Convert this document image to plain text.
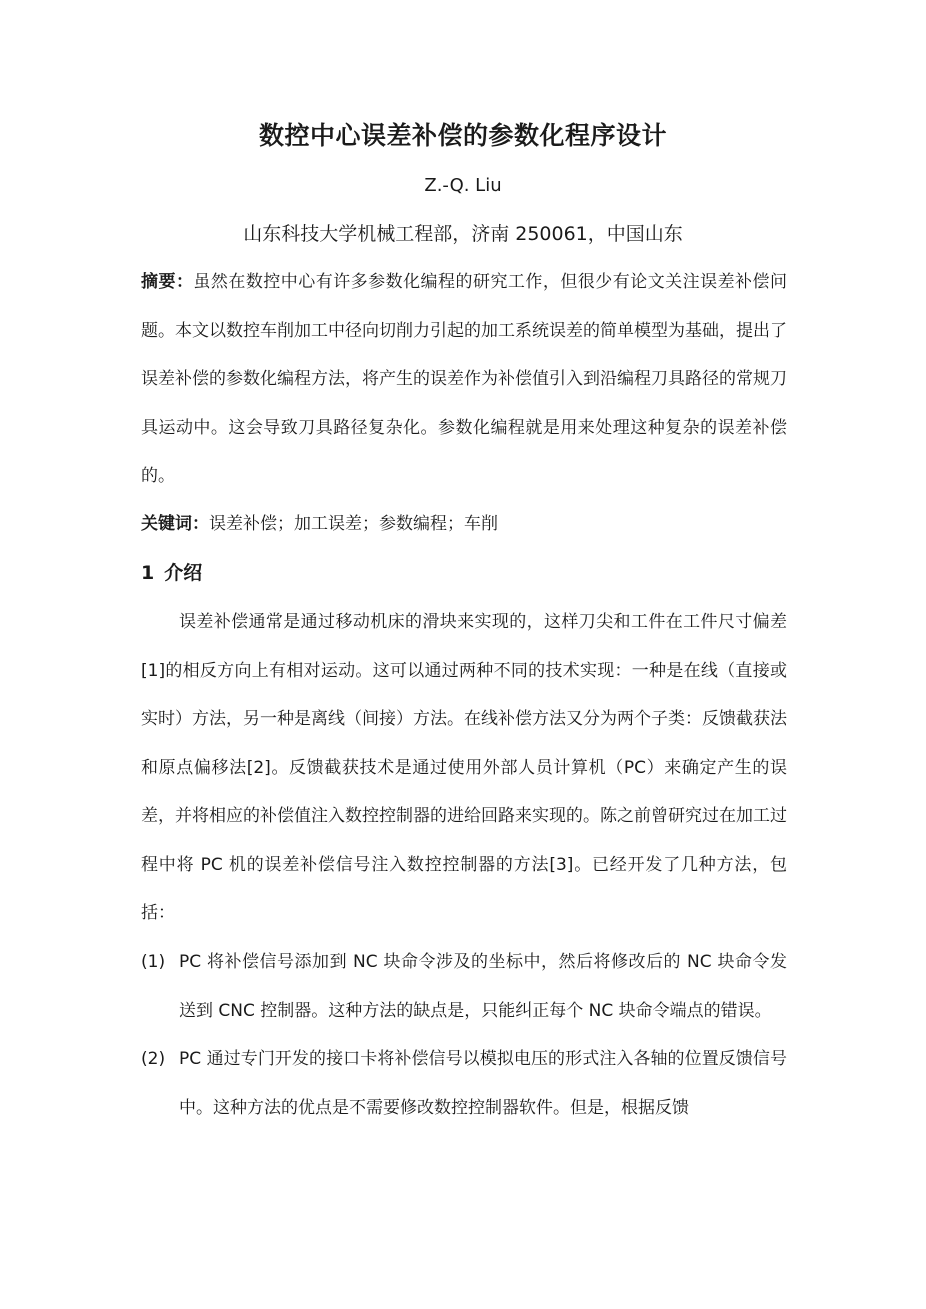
数控中心误差补偿的参数化程序设计
Z.-Q. Liu
山东科技大学机械工程部，济南 250061，中国山东
摘要：虽然在数控中心有许多参数化编程的研究工作，但很少有论文关注误差补偿问题。本文以数控车削加工中径向切削力引起的加工系统误差的简单模型为基础，提出了误差补偿的参数化编程方法，将产生的误差作为补偿值引入到沿编程刀具路径的常规刀具运动中。这会导致刀具路径复杂化。参数化编程就是用来处理这种复杂的误差补偿的。
关键词：误差补偿；加工误差；参数编程；车削
1 介绍
误差补偿通常是通过移动机床的滑块来实现的，这样刀尖和工件在工件尺寸偏差[1]的相反方向上有相对运动。这可以通过两种不同的技术实现：一种是在线（直接或实时）方法，另一种是离线（间接）方法。在线补偿方法又分为两个子类：反馈截获法和原点偏移法[2]。反馈截获技术是通过使用外部人员计算机（PC）来确定产生的误差，并将相应的补偿值注入数控控制器的进给回路来实现的。陈之前曾研究过在加工过程中将 PC 机的误差补偿信号注入数控控制器的方法[3]。已经开发了几种方法，包括：
(1) PC 将补偿信号添加到 NC 块命令涉及的坐标中，然后将修改后的 NC 块命令发送到 CNC 控制器。这种方法的缺点是，只能纠正每个 NC 块命令端点的错误。
(2) PC 通过专门开发的接口卡将补偿信号以模拟电压的形式注入各轴的位置反馈信号中。这种方法的优点是不需要修改数控控制器软件。但是，根据反馈
